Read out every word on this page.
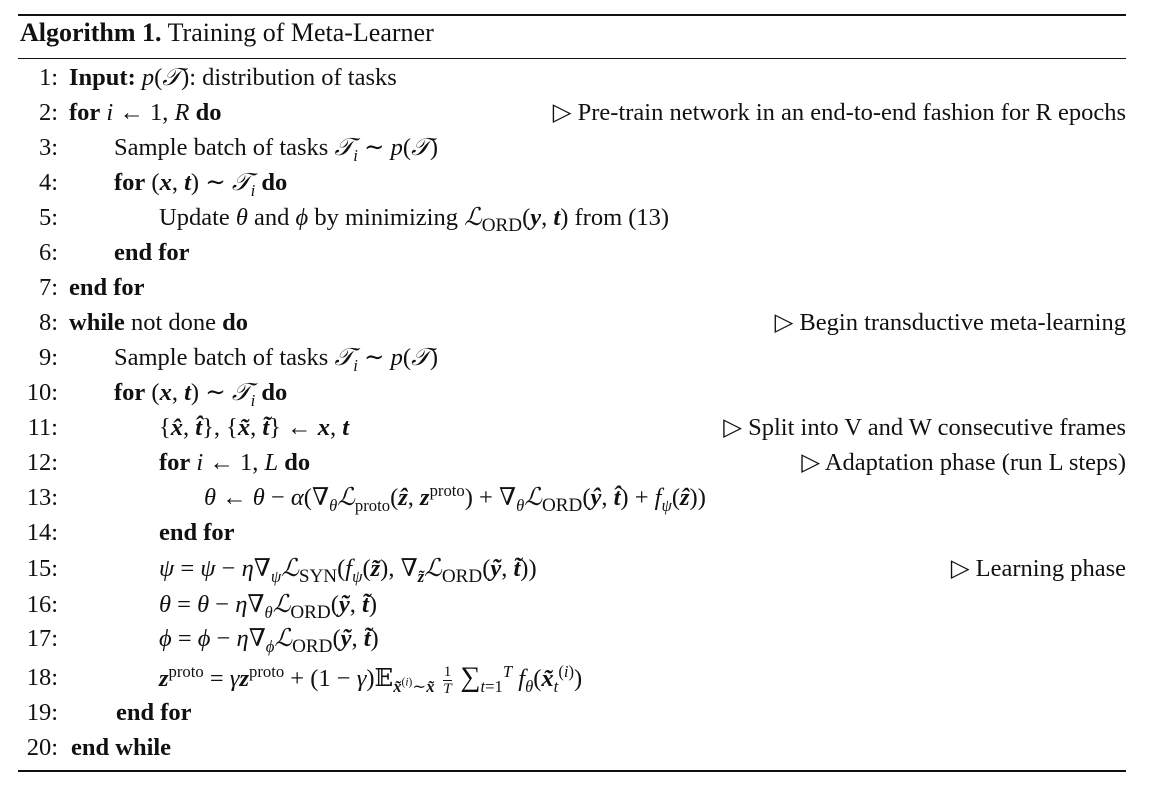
Algorithm 1. Training of Meta-Learner
1: Input: p(𝒯): distribution of tasks
2: for i ← 1, R do	▷ Pre-train network in an end-to-end fashion for R epochs
3: Sample batch of tasks 𝒯$_i$ ∼ p(𝒯)
4: for (x, t) ∼ 𝒯$_i$ do
5:	Update θ and ϕ by minimizing ℒ$_{ORD}$(y, t) from (13)
6: end for
7: end for
8: while not done do	▷ Begin transductive meta-learning
9: Sample batch of tasks 𝒯$_i$ ∼ p(𝒯)
10: for (x, t) ∼ 𝒯$_i$ do
11:	{x̂, t̂}, {x̃, t̃} ← x, t	▷ Split into V and W consecutive frames
12:	for i ← 1, L do	▷ Adaptation phase (run L steps)
13:	θ ← $\theta - \alpha(\nabla_\theta ℒ_{proto}(ẑ$, $z^{proto}$) + $\nabla_\theta ℒ_{ORD}(ŷ$, t̂) + $f_\psi(ẑ)$)
14:	end for
15:	$\psi = \psi - \eta\nabla_\psi ℒ_{SYN}(f_\psi(z̃)$, $\nabla_{z̃}ℒ_{ORD}(ỹ$, t̃))	▷ Learning phase
16:	$\theta = \theta - \eta\nabla_\theta ℒ_{ORD}(ỹ$, t̃)
17:	$\phi = \phi - \eta\nabla_\phi ℒ_{ORD}(ỹ$, t̃)
18:	$z^{proto} = \gamma z^{proto} + (1$ − γ)𝔼$_{x̃^{(i)}\sim x̃}$ $\frac{1}{T} \sum_{t=1}^T$ $f_\theta(x̃_t^{(i)})$
19: end for
20: end while
